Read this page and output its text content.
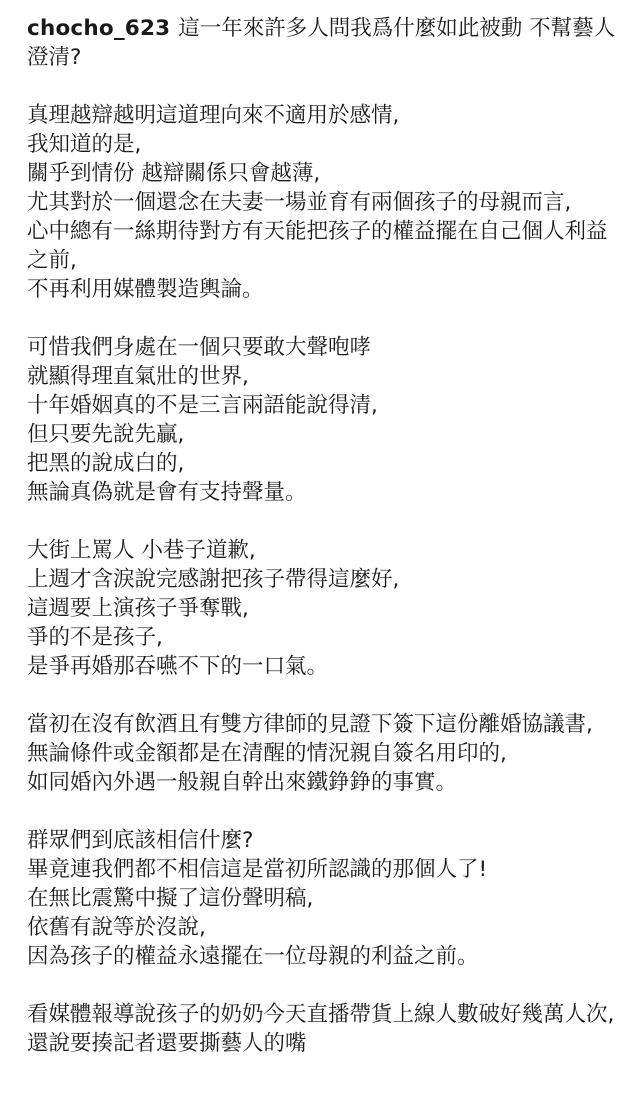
chocho_623 這一年來許多人問我爲什麼如此被動 不幫藝人澄清?

真理越辯越明這道理向來不適用於感情,
我知道的是,
關乎到情份 越辯關係只會越薄,
尤其對於一個還念在夫妻一場並育有兩個孩子的母親而言,
心中總有一絲期待對方有天能把孩子的權益擺在自己個人利益之前,
不再利用媒體製造輿論。

可惜我們身處在一個只要敢大聲咆哮
就顯得理直氣壯的世界,
十年婚姻真的不是三言兩語能說得清,
但只要先說先贏,
把黑的說成白的,
無論真偽就是會有支持聲量。

大街上罵人 小巷子道歉,
上週才含淚說完感謝把孩子帶得這麼好,
這週要上演孩子爭奪戰,
爭的不是孩子,
是爭再婚那吞嚥不下的一口氣。

當初在沒有飲酒且有雙方律師的見證下簽下這份離婚協議書,
無論條件或金額都是在清醒的情況親自簽名用印的,
如同婚內外遇一般親自幹出來鐵錚錚的事實。

群眾們到底該相信什麼?
畢竟連我們都不相信這是當初所認識的那個人了!
在無比震驚中擬了這份聲明稿,
依舊有說等於沒說,
因為孩子的權益永遠擺在一位母親的利益之前。

看媒體報導說孩子的奶奶今天直播帶貨上線人數破好幾萬人次,
還說要揍記者還要撕藝人的嘴
